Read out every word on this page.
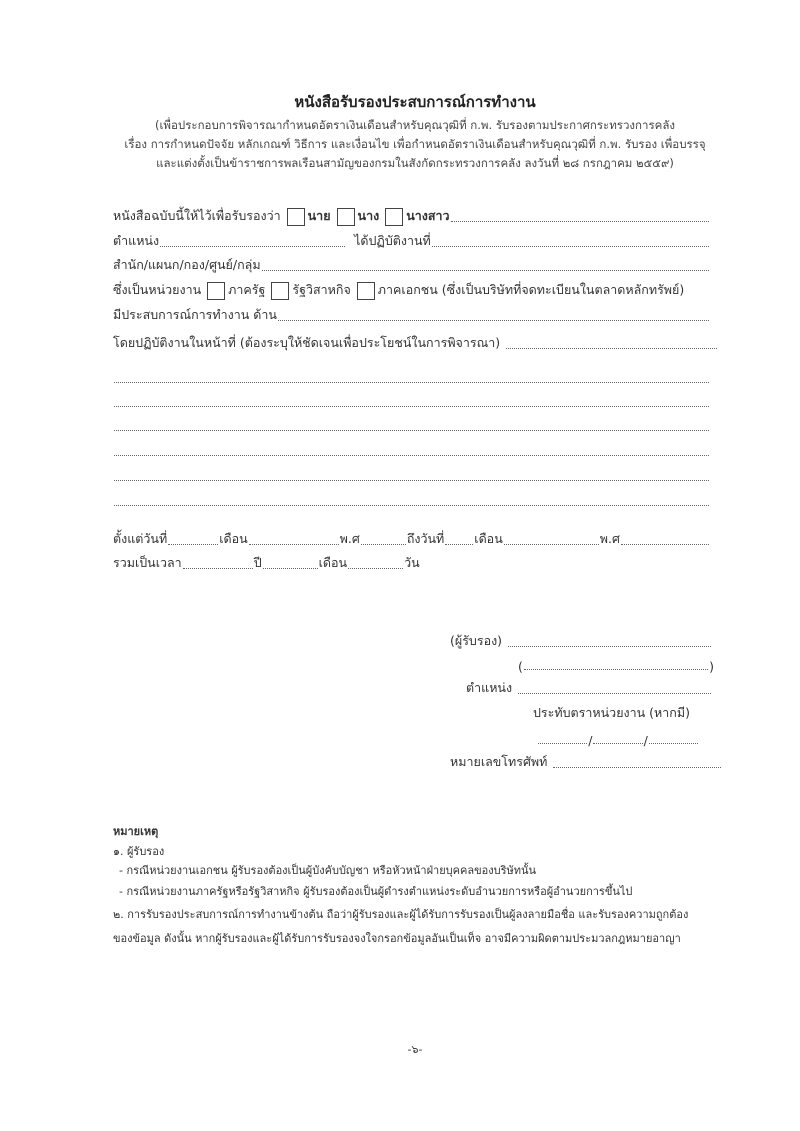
หนังสือรับรองประสบการณ์การทำงาน
(เพื่อประกอบการพิจารณากำหนดอัตราเงินเดือนสำหรับคุณวุฒิที่ ก.พ. รับรองตามประกาศกระทรวงการคลัง
เรื่อง การกำหนดปัจจัย หลักเกณฑ์ วิธีการ และเงื่อนไข เพื่อกำหนดอัตราเงินเดือนสำหรับคุณวุฒิที่ ก.พ. รับรอง เพื่อบรรจุ
และแต่งตั้งเป็นข้าราชการพลเรือนสามัญของกรมในสังกัดกระทรวงการคลัง ลงวันที่ ๒๘ กรกฎาคม ๒๕๕๙)
หนังสือฉบับนี้ให้ไว้เพื่อรับรองว่า นาย นาง นางสาว
ตำแหน่ง	ได้ปฏิบัติงานที่
สำนัก/แผนก/กอง/ศูนย์/กลุ่ม
ซึ่งเป็นหน่วยงาน ภาครัฐ รัฐวิสาหกิจ ภาคเอกชน (ซึ่งเป็นบริษัทที่จดทะเบียนในตลาดหลักทรัพย์)
มีประสบการณ์การทำงาน ด้าน
โดยปฏิบัติงานในหน้าที่ (ต้องระบุให้ชัดเจนเพื่อประโยชน์ในการพิจารณา)
ตั้งแต่วันที่	เดือน	พ.ศ	ถึงวันที่ เดือน	พ.ศ
รวมเป็นเวลา	ปี	เดือน	วัน
(ผู้รับรอง)
(	)
ตำแหน่ง
ประทับตราหน่วยงาน (หากมี)
/	/
หมายเลขโทรศัพท์
หมายเหตุ
๑. ผู้รับรอง
- กรณีหน่วยงานเอกชน ผู้รับรองต้องเป็นผู้บังคับบัญชา หรือหัวหน้าฝ่ายบุคคลของบริษัทนั้น
- กรณีหน่วยงานภาครัฐหรือรัฐวิสาหกิจ ผู้รับรองต้องเป็นผู้ดำรงตำแหน่งระดับอำนวยการหรือผู้อำนวยการขึ้นไป
๒. การรับรองประสบการณ์การทำงานข้างต้น ถือว่าผู้รับรองและผู้ได้รับการรับรองเป็นผู้ลงลายมือชื่อ และรับรองความถูกต้อง
ของข้อมูล ดังนั้น หากผู้รับรองและผู้ได้รับการรับรองจงใจกรอกข้อมูลอันเป็นเท็จ อาจมีความผิดตามประมวลกฎหมายอาญา
-๖-
